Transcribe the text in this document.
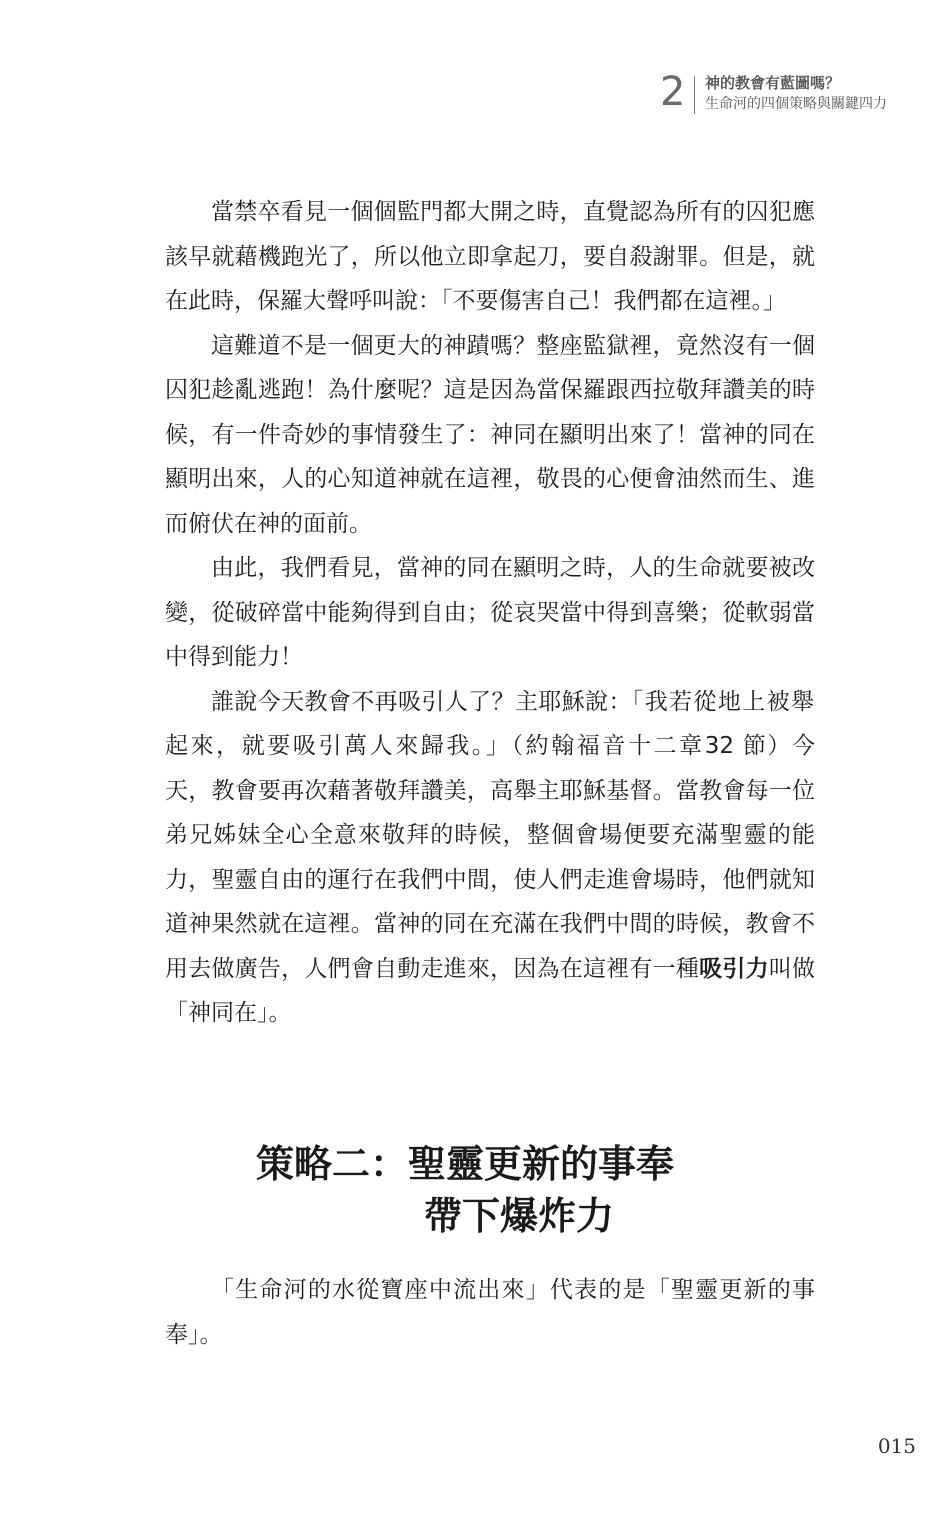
2 神的教會有藍圖嗎？
生命河的四個策略與關鍵四力

當禁卒看見一個個監門都大開之時，直覺認為所有的囚犯應該早就藉機跑光了，所以他立即拿起刀，要自殺謝罪。但是，就在此時，保羅大聲呼叫說：「不要傷害自己！我們都在這裡。」

這難道不是一個更大的神蹟嗎？整座監獄裡，竟然沒有一個囚犯趁亂逃跑！為什麼呢？這是因為當保羅跟西拉敬拜讚美的時候，有一件奇妙的事情發生了：神同在顯明出來了！當神的同在顯明出來，人的心知道神就在這裡，敬畏的心便會油然而生、進而俯伏在神的面前。

由此，我們看見，當神的同在顯明之時，人的生命就要被改變，從破碎當中能夠得到自由；從哀哭當中得到喜樂；從軟弱當中得到能力！

誰說今天教會不再吸引人了？主耶穌說：「我若從地上被舉起來，就要吸引萬人來歸我。」（約翰福音十二章32 節）今天，教會要再次藉著敬拜讚美，高舉主耶穌基督。當教會每一位弟兄姊妹全心全意來敬拜的時候，整個會場便要充滿聖靈的能力，聖靈自由的運行在我們中間，使人們走進會場時，他們就知道神果然就在這裡。當神的同在充滿在我們中間的時候，教會不用去做廣告，人們會自動走進來，因為在這裡有一種吸引力叫做「神同在」。

策略二：聖靈更新的事奉
帶下爆炸力

「生命河的水從寶座中流出來」代表的是「聖靈更新的事奉」。

015
